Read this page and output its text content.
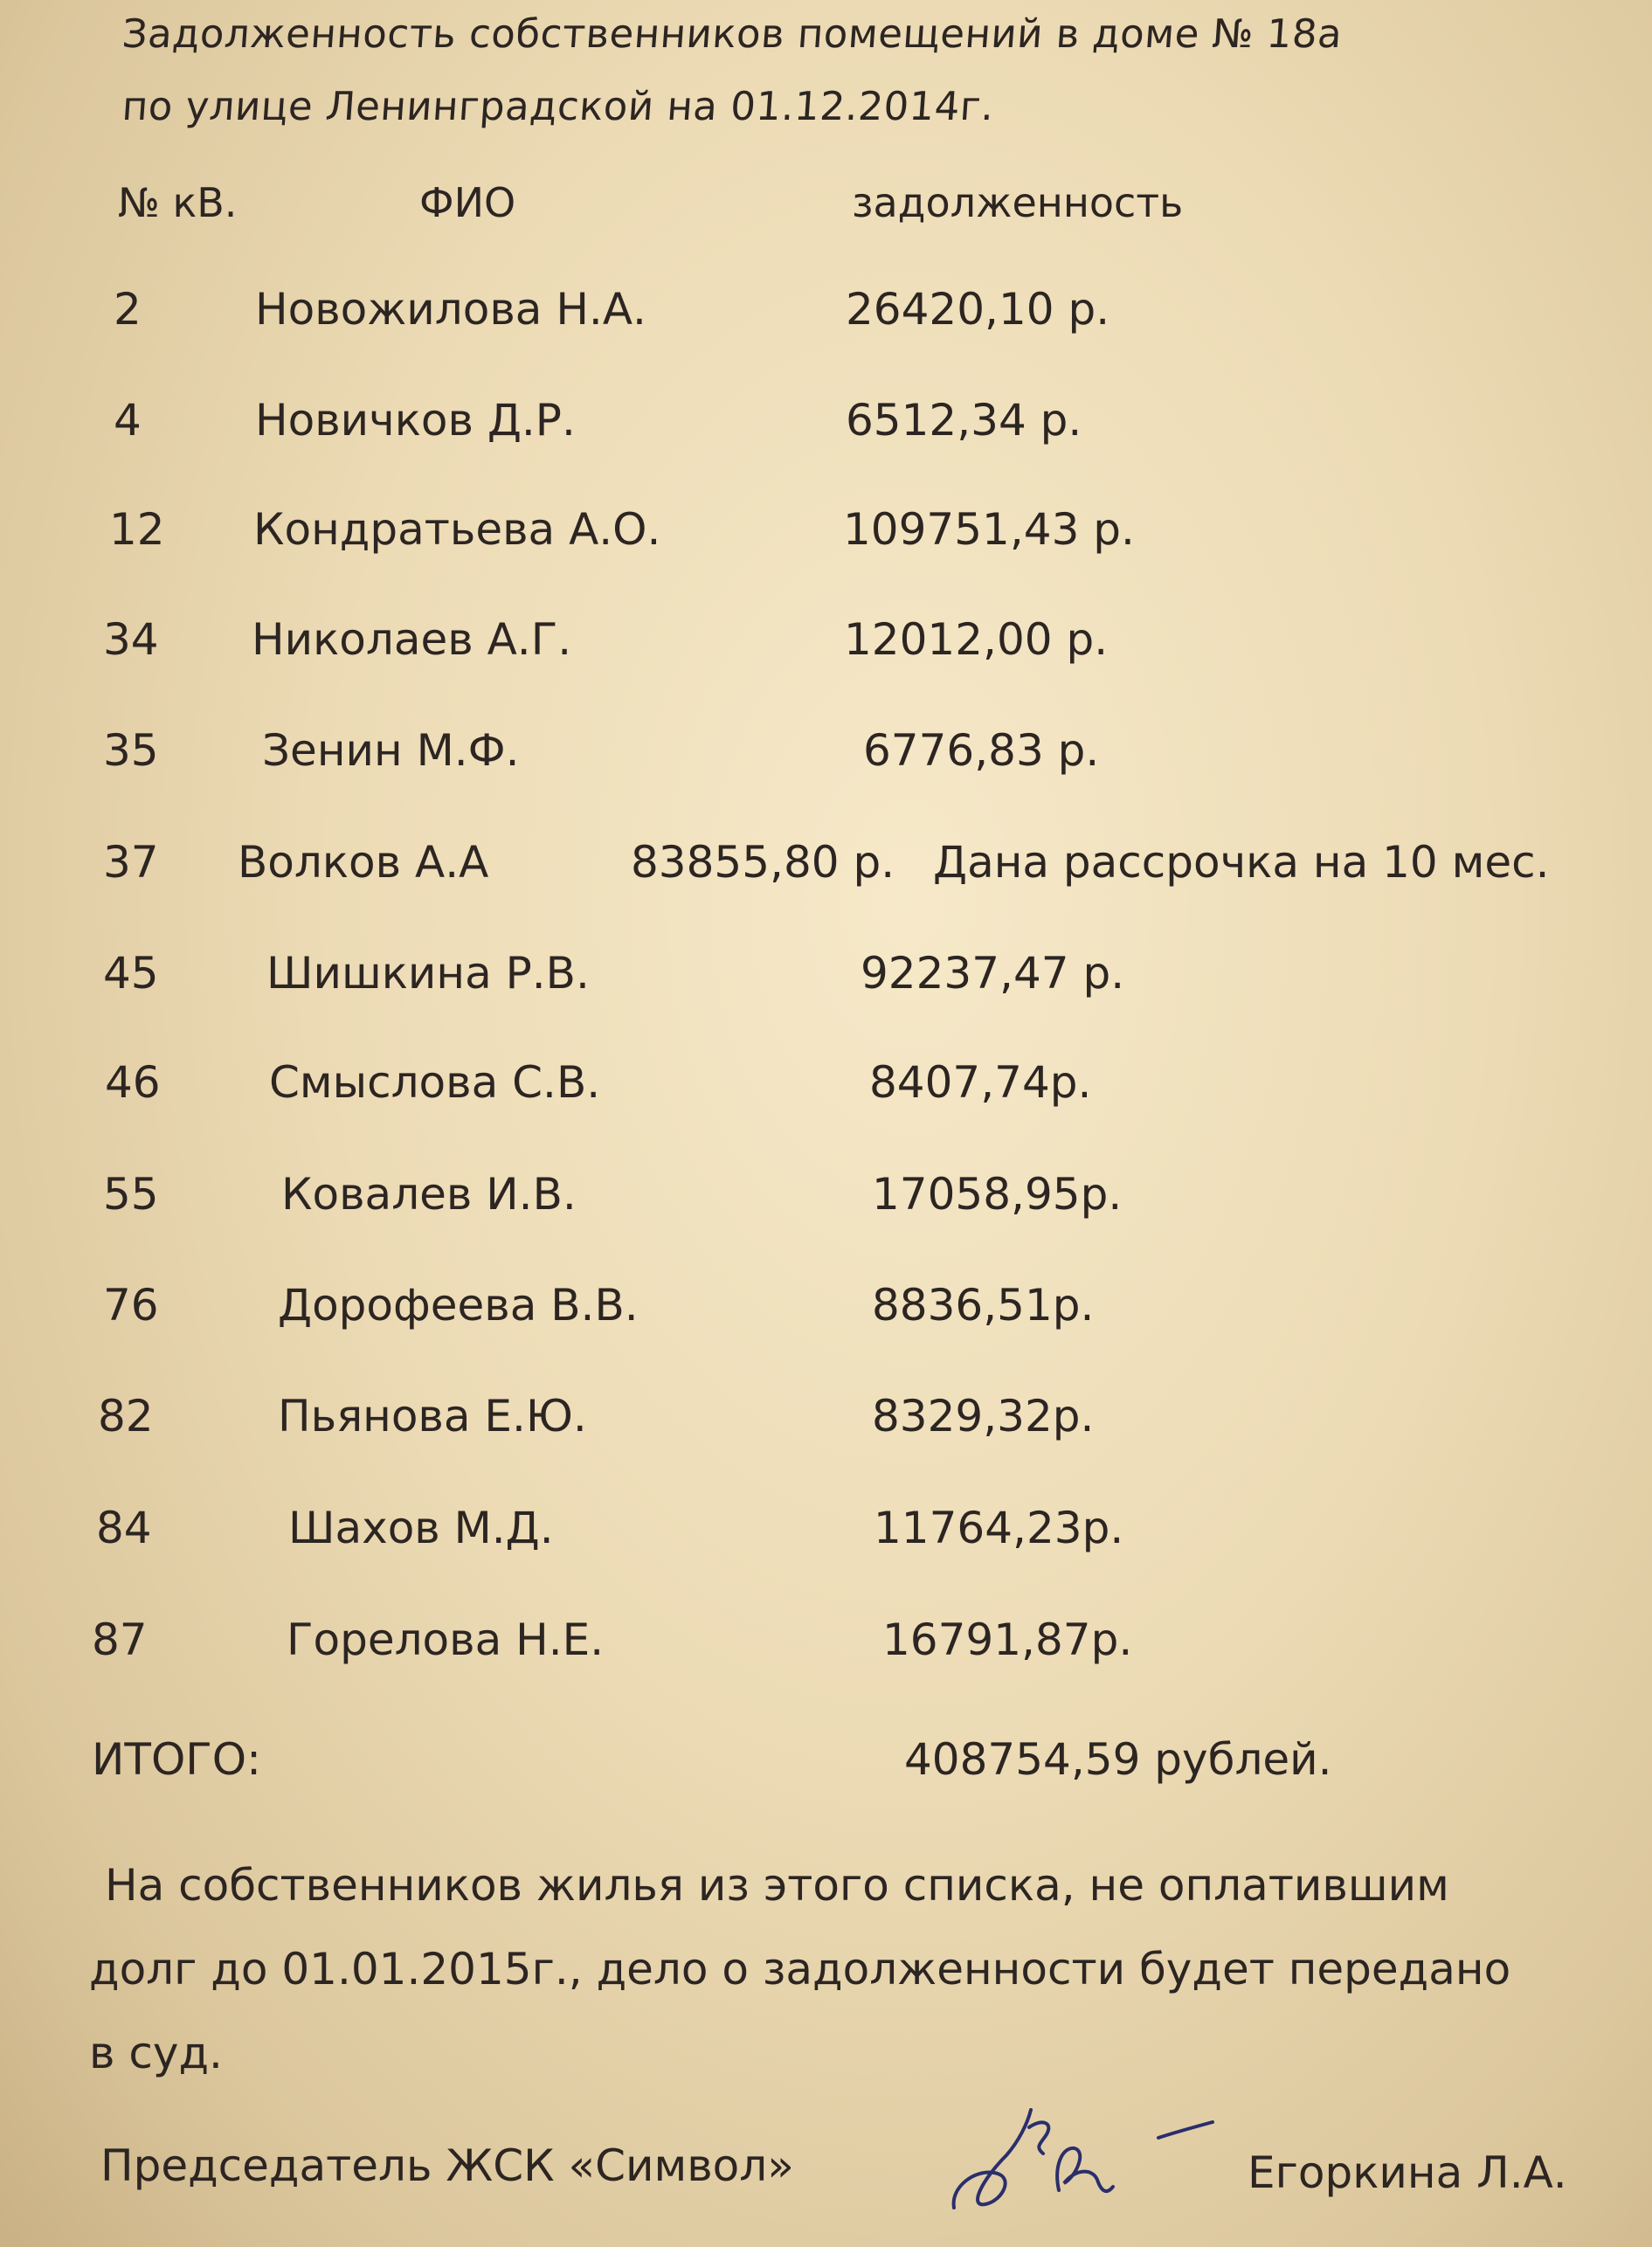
Задолженность собственников помещений в доме № 18а
по улице Ленинградской на 01.12.2014г.
№ кВ.	ФИО	задолженность
2	Новожилова Н.А.	26420,10 р.
4	Новичков Д.Р.	6512,34 р.
12 Кондратьева А.О.	109751,43 р.
34 Николаев А.Г.	12012,00 р.
35 Зенин М.Ф.	6776,83 р.
37 Волков А.А	83855,80 р. Дана рассрочка на 10 мес.
45 Шишкина Р.В.	92237,47 р.
46 Смыслова С.В.	8407,74р.
55	Ковалев И.В.	17058,95р.
76	Дорофеева В.В.	8836,51р.
82	Пьянова Е.Ю.	8329,32р.
84	Шахов М.Д.	11764,23р.
87	Горелова Н.Е.	16791,87р.
ИТОГО:	408754,59 рублей.
На собственников жилья из этого списка, не оплатившим
долг до 01.01.2015г., дело о задолженности будет передано
в суд.
Председатель ЖСК «Символ»	Егоркина Л.А.
